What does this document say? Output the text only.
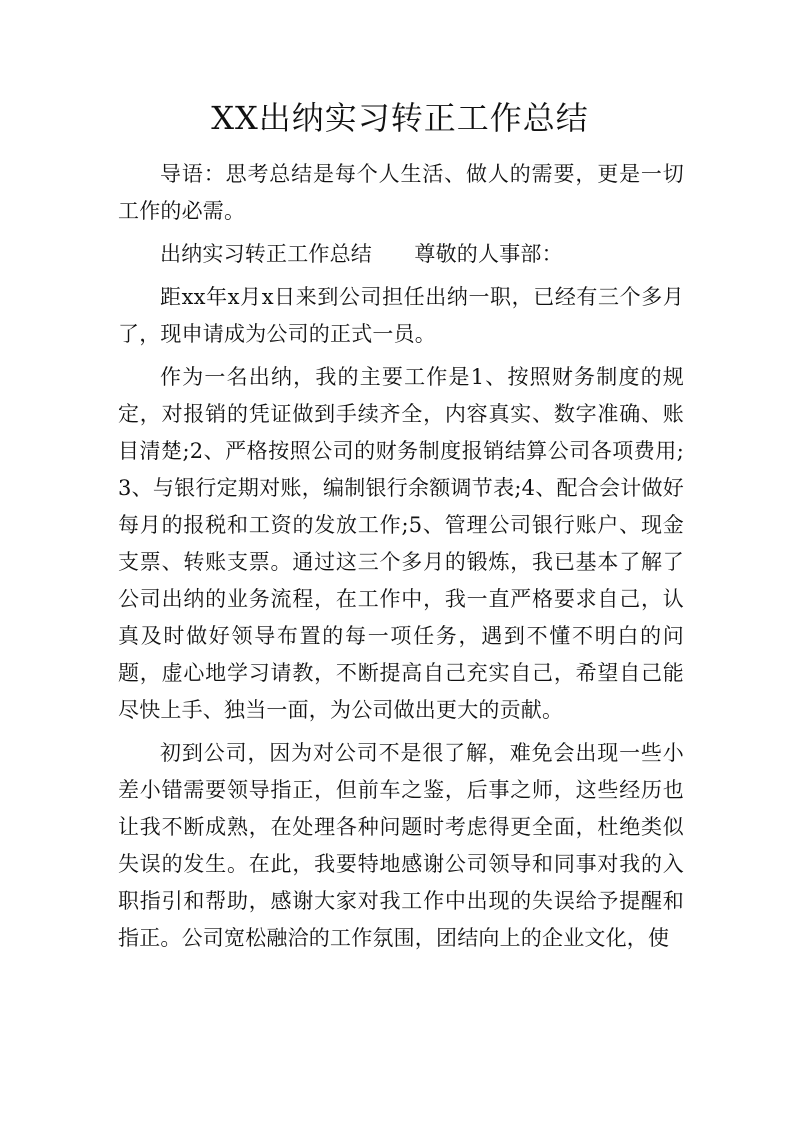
XX出纳实习转正工作总结

导语：思考总结是每个人生活、做人的需要，更是一切工作的必需。

出纳实习转正工作总结　　尊敬的人事部：

距xx年x月x日来到公司担任出纳一职，已经有三个多月了，现申请成为公司的正式一员。

作为一名出纳，我的主要工作是1、按照财务制度的规定，对报销的凭证做到手续齐全，内容真实、数字准确、账目清楚;2、严格按照公司的财务制度报销结算公司各项费用;3、与银行定期对账，编制银行余额调节表;4、配合会计做好每月的报税和工资的发放工作;5、管理公司银行账户、现金支票、转账支票。通过这三个多月的锻炼，我已基本了解了公司出纳的业务流程，在工作中，我一直严格要求自己，认真及时做好领导布置的每一项任务，遇到不懂不明白的问题，虚心地学习请教，不断提高自己充实自己，希望自己能尽快上手、独当一面，为公司做出更大的贡献。

初到公司，因为对公司不是很了解，难免会出现一些小差小错需要领导指正，但前车之鉴，后事之师，这些经历也让我不断成熟，在处理各种问题时考虑得更全面，杜绝类似失误的发生。在此，我要特地感谢公司领导和同事对我的入职指引和帮助，感谢大家对我工作中出现的失误给予提醒和指正。公司宽松融洽的工作氛围，团结向上的企业文化，使
